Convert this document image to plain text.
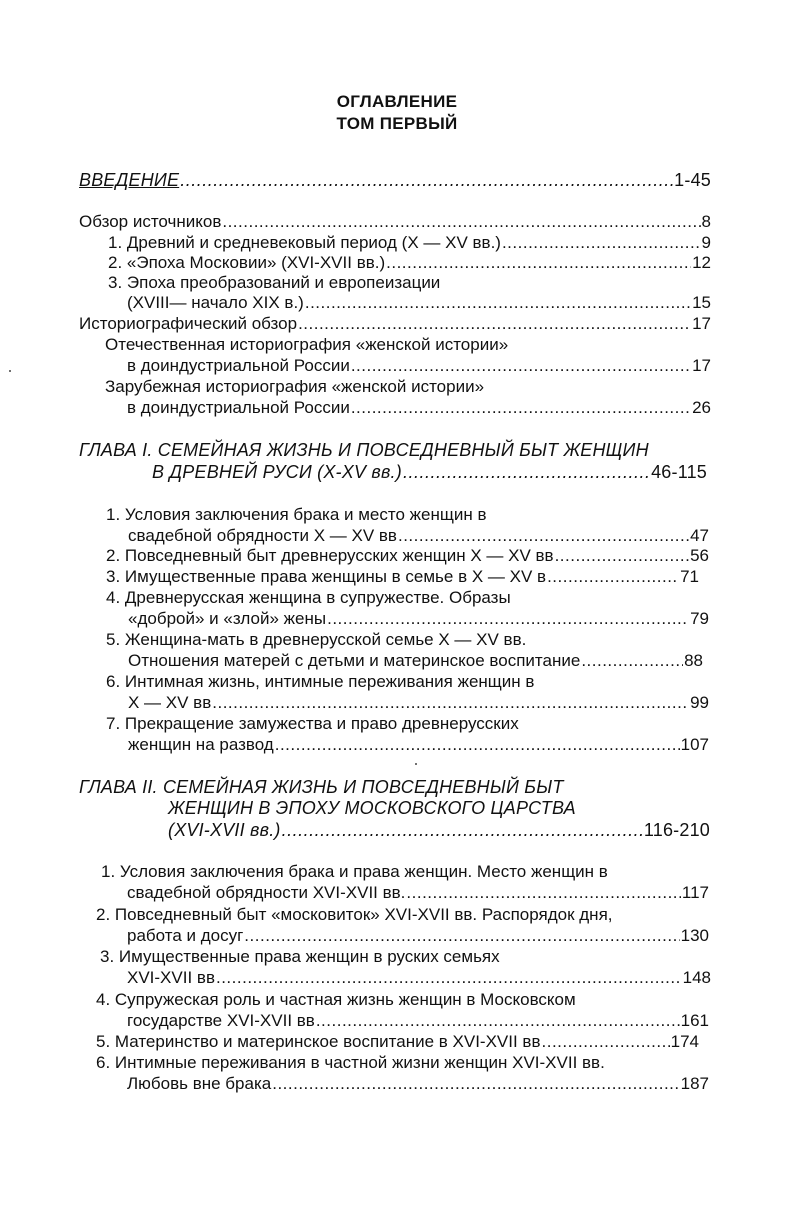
ОГЛАВЛЕНИЕ
ТОМ ПЕРВЫЙ
ВВЕДЕНИЕ .....	1-45
Обзор источников .....	8
1. Древний и средневековый период (X — XV вв.) .....	9
2. «Эпоха Московии» (XVI-XVII вв.) .....	12
3. Эпоха преобразований и европеизации
(XVIII— начало XIX в.) .....	15
Историографический обзор .....	17
Отечественная историография «женской истории»
в доиндустриальной России .....	17
Зарубежная историография «женской истории»
в доиндустриальной России .....	26
ГЛАВА I. СЕМЕЙНАЯ ЖИЗНЬ И ПОВСЕДНЕВНЫЙ БЫТ ЖЕНЩИН
В ДРЕВНЕЙ РУСИ (X-XV вв.) .....	46-115
1. Условия заключения брака и место женщин в
свадебной обрядности X — XV вв .....	47
2. Повседневный быт древнерусских женщин X — XV вв .....	56
3. Имущественные права женщины в семье в X — XV в .....	71
4. Древнерусская женщина в супружестве. Образы
«доброй» и «злой» жены .....	79
5. Женщина-мать в древнерусской семье X — XV вв.
Отношения матерей с детьми и материнское воспитание .....	88
6. Интимная жизнь, интимные переживания женщин в
X — XV вв .....	99
7. Прекращение замужества и право древнерусских
женщин на развод .....	107
ГЛАВА II. СЕМЕЙНАЯ ЖИЗНЬ И ПОВСЕДНЕВНЫЙ БЫТ
ЖЕНЩИН В ЭПОХУ МОСКОВСКОГО ЦАРСТВА
(XVI-XVII вв.) .....	116-210
1. Условия заключения брака и права женщин. Место женщин в
свадебной обрядности XVI-XVII вв. .....	117
2. Повседневный быт «московиток» XVI-XVII вв. Распорядок дня,
работа и досуг .....	130
3. Имущественные права женщин в руских семьях
XVI-XVII вв .....	148
4. Супружеская роль и частная жизнь женщин в Московском
государстве XVI-XVII вв .....	161
5. Материнство и материнское воспитание в XVI-XVII вв .....	174
6. Интимные переживания в частной жизни женщин XVI-XVII вв.
Любовь вне брака .....	187
